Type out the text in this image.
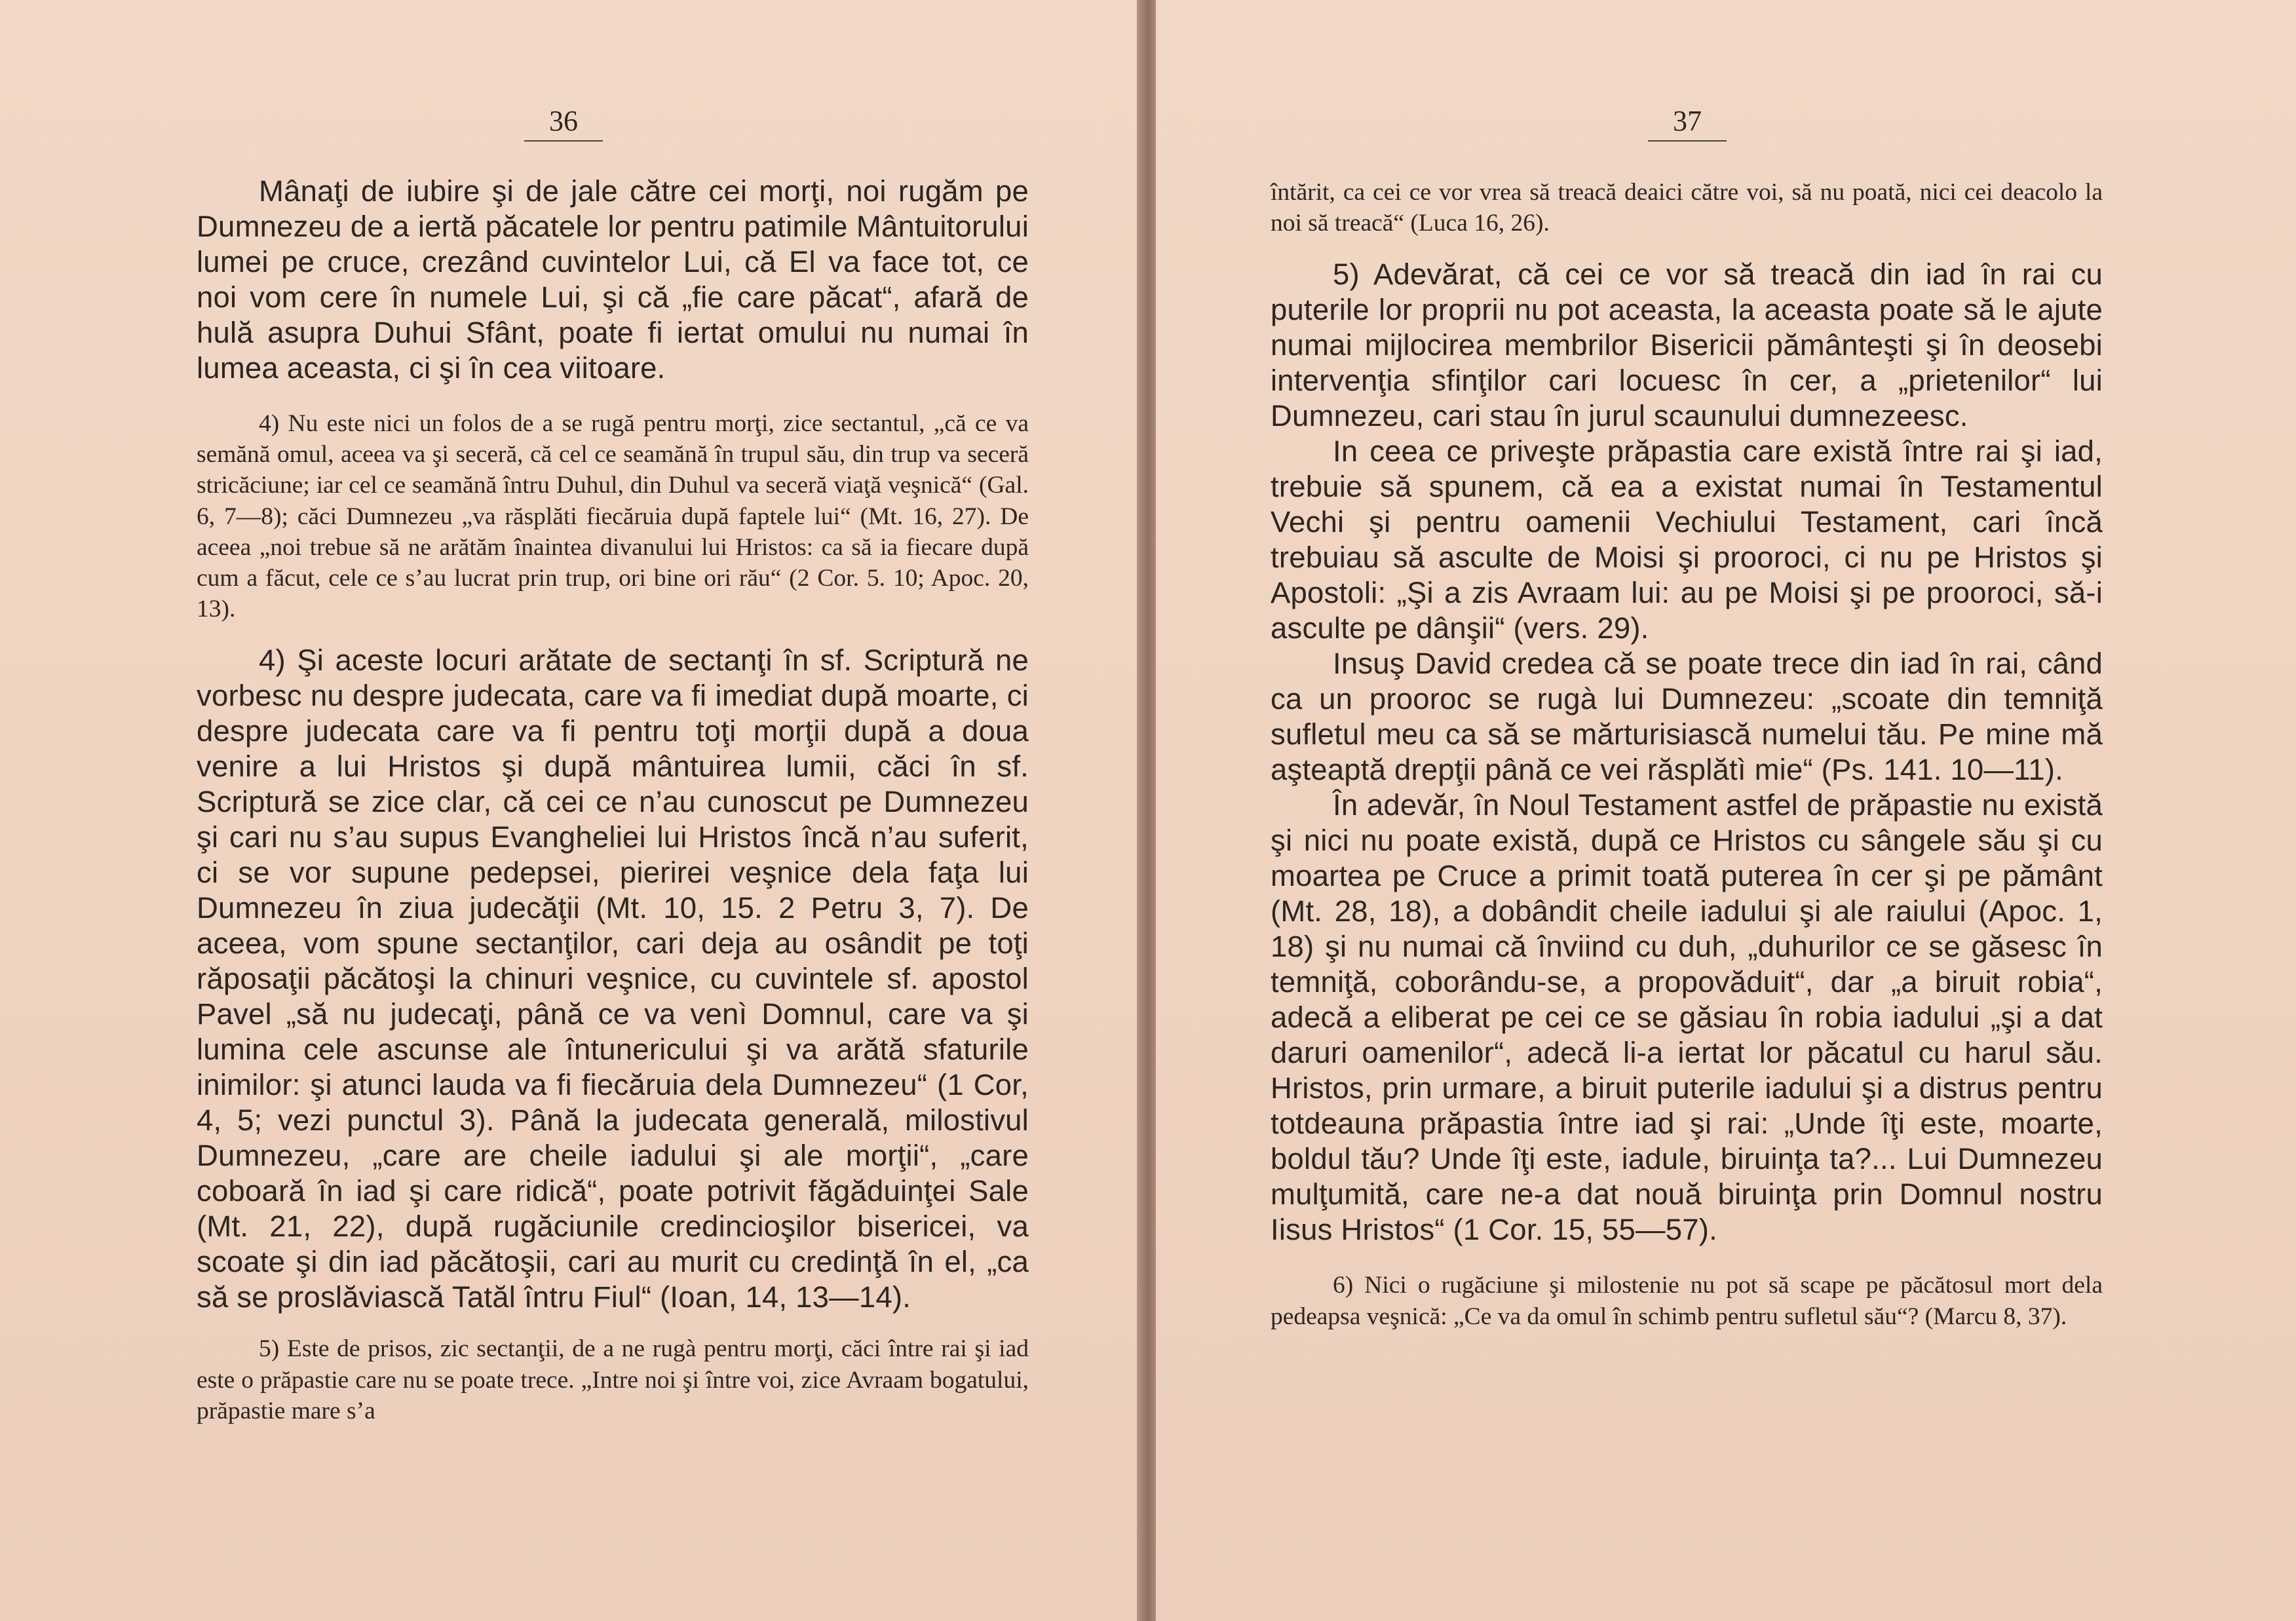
36

Mânaţi de iubire şi de jale către cei morţi, noi rugăm pe Dumnezeu de a iertă păcatele lor pentru patimile Mântuitorului lumei pe cruce, crezând cuvintelor Lui, că El va face tot, ce noi vom cere în numele Lui, şi că „fie care păcat“, afară de hulă asupra Duhui Sfânt, poate fi iertat omului nu numai în lumea aceasta, ci şi în cea viitoare.

4) Nu este nici un folos de a se rugă pentru morţi, zice sectantul, „că ce va semănă omul, aceea va şi seceră, că cel ce seamănă în trupul său, din trup va seceră stricăciune; iar cel ce seamănă întru Duhul, din Duhul va seceră viaţă veşnică“ (Gal. 6, 7—8); căci Dumnezeu „va răsplăti fiecăruia după faptele lui“ (Mt. 16, 27). De aceea „noi trebue să ne arătăm înaintea divanului lui Hristos: ca să ia fiecare după cum a făcut, cele ce s’au lucrat prin trup, ori bine ori rău“ (2 Cor. 5. 10; Apoc. 20, 13).

4) Şi aceste locuri arătate de sectanţi în sf. Scriptură ne vorbesc nu despre judecata, care va fi imediat după moarte, ci despre judecata care va fi pentru toţi morţii după a doua venire a lui Hristos şi după mântuirea lumii, căci în sf. Scriptură se zice clar, că cei ce n’au cunoscut pe Dumnezeu şi cari nu s’au supus Evangheliei lui Hristos încă n’au suferit, ci se vor supune pedepsei, pierirei veşnice dela faţa lui Dumnezeu în ziua judecăţii (Mt. 10, 15. 2 Petru 3, 7). De aceea, vom spune sectanţilor, cari deja au osândit pe toţi răposaţii păcătoşi la chinuri veşnice, cu cuvintele sf. apostol Pavel „să nu judecaţi, până ce va venì Domnul, care va şi lumina cele ascunse ale întunericului şi va arătă sfaturile inimilor: şi atunci lauda va fi fiecăruia dela Dumnezeu“ (1 Cor, 4, 5; vezi punctul 3). Până la judecata generală, milostivul Dumnezeu, „care are cheile iadului şi ale morţii“, „care coboară în iad şi care ridică“, poate potrivit făgăduinţei Sale (Mt. 21, 22), după rugăciunile credincioşilor bisericei, va scoate şi din iad păcătoşii, cari au murit cu credinţă în el, „ca să se proslăviască Tatăl întru Fiul“ (Ioan, 14, 13—14).

5) Este de prisos, zic sectanţii, de a ne rugà pentru morţi, căci între rai şi iad este o prăpastie care nu se poate trece. „Intre noi şi între voi, zice Avraam bogatului, prăpastie mare s’a

37

întărit, ca cei ce vor vrea să treacă deaici către voi, să nu poată, nici cei deacolo la noi să treacă“ (Luca 16, 26).

5) Adevărat, că cei ce vor să treacă din iad în rai cu puterile lor proprii nu pot aceasta, la aceasta poate să le ajute numai mijlocirea membrilor Bisericii pământeşti şi în deosebi intervenţia sfinţilor cari locuesc în cer, a „prietenilor“ lui Dumnezeu, cari stau în jurul scaunului dumnezeesc.

In ceea ce priveşte prăpastia care există între rai şi iad, trebuie să spunem, că ea a existat numai în Testamentul Vechi şi pentru oamenii Vechiului Testament, cari încă trebuiau să asculte de Moisi şi prooroci, ci nu pe Hristos şi Apostoli: „Şi a zis Avraam lui: au pe Moisi şi pe prooroci, să-i asculte pe dânşii“ (vers. 29).

Insuş David credea că se poate trece din iad în rai, când ca un prooroc se rugà lui Dumnezeu: „scoate din temniţă sufletul meu ca să se mărturisiască numelui tău. Pe mine mă aşteaptă drepţii până ce vei răsplătì mie“ (Ps. 141. 10—11).

În adevăr, în Noul Testament astfel de prăpastie nu există şi nici nu poate există, după ce Hristos cu sângele său şi cu moartea pe Cruce a primit toată puterea în cer şi pe pământ (Mt. 28, 18), a dobândit cheile iadului şi ale raiului (Apoc. 1, 18) şi nu numai că înviind cu duh, „duhurilor ce se găsesc în temniţă, coborându-se, a propovăduit“, dar „a biruit robia“, adecă a eliberat pe cei ce se găsiau în robia iadului „şi a dat daruri oamenilor“, adecă li-a iertat lor păcatul cu harul său. Hristos, prin urmare, a biruit puterile iadului şi a distrus pentru totdeauna prăpastia între iad şi rai: „Unde îţi este, moarte, boldul tău? Unde îţi este, iadule, biruinţa ta?... Lui Dumnezeu mulţumită, care ne-a dat nouă biruinţa prin Domnul nostru Iisus Hristos“ (1 Cor. 15, 55—57).

6) Nici o rugăciune şi milostenie nu pot să scape pe păcătosul mort dela pedeapsa veşnică: „Ce va da omul în schimb pentru sufletul său“? (Marcu 8, 37).
